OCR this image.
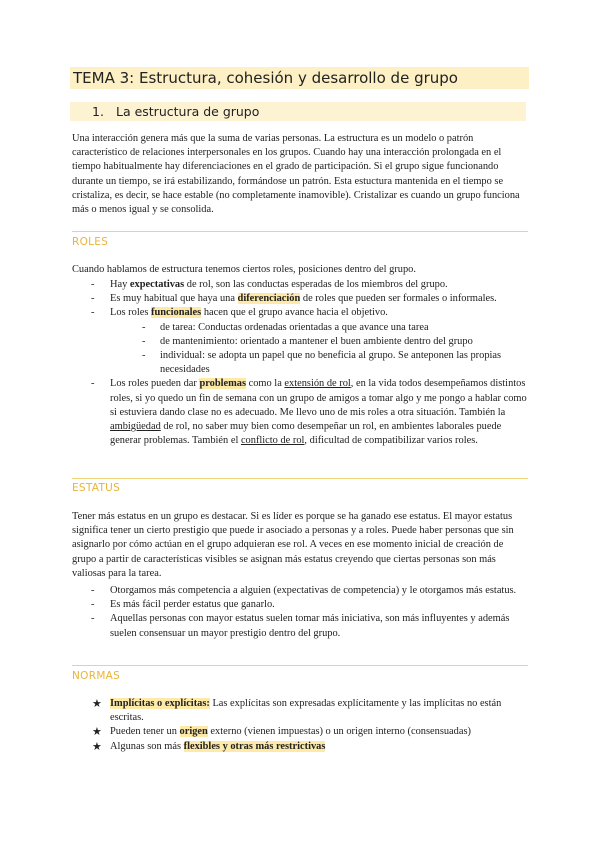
TEMA 3: Estructura, cohesión y desarrollo de grupo
1. La estructura de grupo
Una interacción genera más que la suma de varias personas. La estructura es un modelo o patrón característico de relaciones interpersonales en los grupos. Cuando hay una interacción prolongada en el tiempo habitualmente hay diferenciaciones en el grado de participación. Si el grupo sigue funcionando durante un tiempo, se irá estabilizando, formándose un patrón. Esta estuctura mantenida en el tiempo se cristaliza, es decir, se hace estable (no completamente inamovible). Cristalizar es cuando un grupo funciona más o menos igual y se consolida.
ROLES
Cuando hablamos de estructura tenemos ciertos roles, posiciones dentro del grupo.
- Hay expectativas de rol, son las conductas esperadas de los miembros del grupo.
- Es muy habitual que haya una diferenciación de roles que pueden ser formales o informales.
- Los roles funcionales hacen que el grupo avance hacia el objetivo.
- de tarea: Conductas ordenadas orientadas a que avance una tarea
- de mantenimiento: orientado a mantener el buen ambiente dentro del grupo
- individual: se adopta un papel que no beneficia al grupo. Se anteponen las propias necesidades
- Los roles pueden dar problemas como la extensión de rol, en la vida todos desempeñamos distintos roles, si yo quedo un fin de semana con un grupo de amigos a tomar algo y me pongo a hablar como si estuviera dando clase no es adecuado. Me llevo uno de mis roles a otra situación. También la ambigüedad de rol, no saber muy bien como desempeñar un rol, en ambientes laborales puede generar problemas. También el conflicto de rol, dificultad de compatibilizar varios roles.
ESTATUS
Tener más estatus en un grupo es destacar. Si es líder es porque se ha ganado ese estatus. El mayor estatus significa tener un cierto prestigio que puede ir asociado a personas y a roles. Puede haber personas que sin asignarlo por cómo actúan en el grupo adquieran ese rol. A veces en ese momento inicial de creación de grupo a partir de características visibles se asignan más estatus creyendo que ciertas personas son más valiosas para la tarea.
- Otorgamos más competencia a alguien (expectativas de competencia) y le otorgamos más estatus.
- Es más fácil perder estatus que ganarlo.
- Aquellas personas con mayor estatus suelen tomar más iniciativa, son más influyentes y además suelen consensuar un mayor prestigio dentro del grupo.
NORMAS
★ Implícitas o explícitas: Las explícitas son expresadas explícitamente y las implícitas no están escritas.
★ Pueden tener un origen externo (vienen impuestas) o un origen interno (consensuadas)
★ Algunas son más flexibles y otras más restrictivas
